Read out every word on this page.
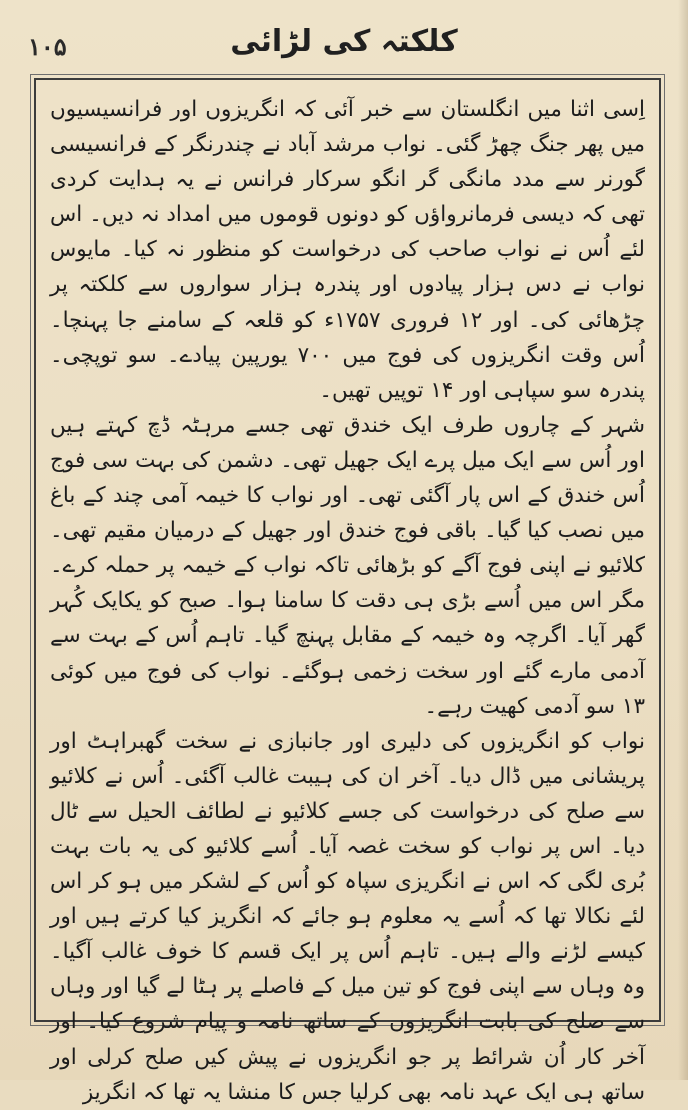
۱۰۵	کلکتہ کی لڑائی

اِسی اثنا میں انگلستان سے خبر آئی کہ انگریزوں اور فرانسیسیوں میں پھر جنگ چھڑ گئی۔ نواب مرشد آباد نے چندرنگر کے فرانسیسی گورنر سے مدد مانگی گر انگو سرکار فرانس نے یہ ہدایت کردی تھی کہ دیسی فرمانرواؤں کو دونوں قوموں میں امداد نہ دیں۔ اس لئے اُس نے نواب صاحب کی درخواست کو منظور نہ کیا۔ مایوس نواب نے دس ہزار پیادوں اور پندرہ ہزار سواروں سے کلکتہ پر چڑھائی کی۔ اور ۱۲ فروری ۱۷۵۷ء کو قلعہ کے سامنے جا پہنچا۔ اُس وقت انگریزوں کی فوج میں ۷۰۰ یورپین پیادے۔ سو توپچی۔ پندرہ سو سپاہی اور ۱۴ توپیں تھیں۔

شہر کے چاروں طرف ایک خندق تھی جسے مرہٹہ ڈچ کہتے ہیں اور اُس سے ایک میل پرے ایک جھیل تھی۔ دشمن کی بہت سی فوج اُس خندق کے اس پار آگئی تھی۔ اور نواب کا خیمہ آمی چند کے باغ میں نصب کیا گیا۔ باقی فوج خندق اور جھیل کے درمیان مقیم تھی۔ کلائیو نے اپنی فوج آگے کو بڑھائی تاکہ نواب کے خیمہ پر حملہ کرے۔ مگر اس میں اُسے بڑی ہی دقت کا سامنا ہوا۔ صبح کو یکایک کُہر گھر آیا۔ اگرچہ وہ خیمہ کے مقابل پہنچ گیا۔ تاہم اُس کے بہت سے آدمی مارے گئے اور سخت زخمی ہوگئے۔ نواب کی فوج میں کوئی ۱۳ سو آدمی کھیت رہے۔

نواب کو انگریزوں کی دلیری اور جانبازی نے سخت گھبراہٹ اور پریشانی میں ڈال دیا۔ آخر ان کی ہیبت غالب آگئی۔ اُس نے کلائیو سے صلح کی درخواست کی جسے کلائیو نے لطائف الحیل سے ٹال دیا۔ اس پر نواب کو سخت غصہ آیا۔ اُسے کلائیو کی یہ بات بہت بُری لگی کہ اس نے انگریزی سپاہ کو اُس کے لشکر میں ہو کر اس لئے نکالا تھا کہ اُسے یہ معلوم ہو جائے کہ انگریز کیا کرتے ہیں اور کیسے لڑنے والے ہیں۔ تاہم اُس پر ایک قسم کا خوف غالب آگیا۔ وہ وہاں سے اپنی فوج کو تین میل کے فاصلے پر ہٹا لے گیا اور وہاں سے صلح کی بابت انگریزوں کے ساتھ نامہ و پیام شروع کیا۔ اور آخر کار اُن شرائط پر جو انگریزوں نے پیش کیں صلح کرلی اور ساتھ ہی ایک عہد نامہ بھی کرلیا جس کا منشا یہ تھا کہ انگریز
